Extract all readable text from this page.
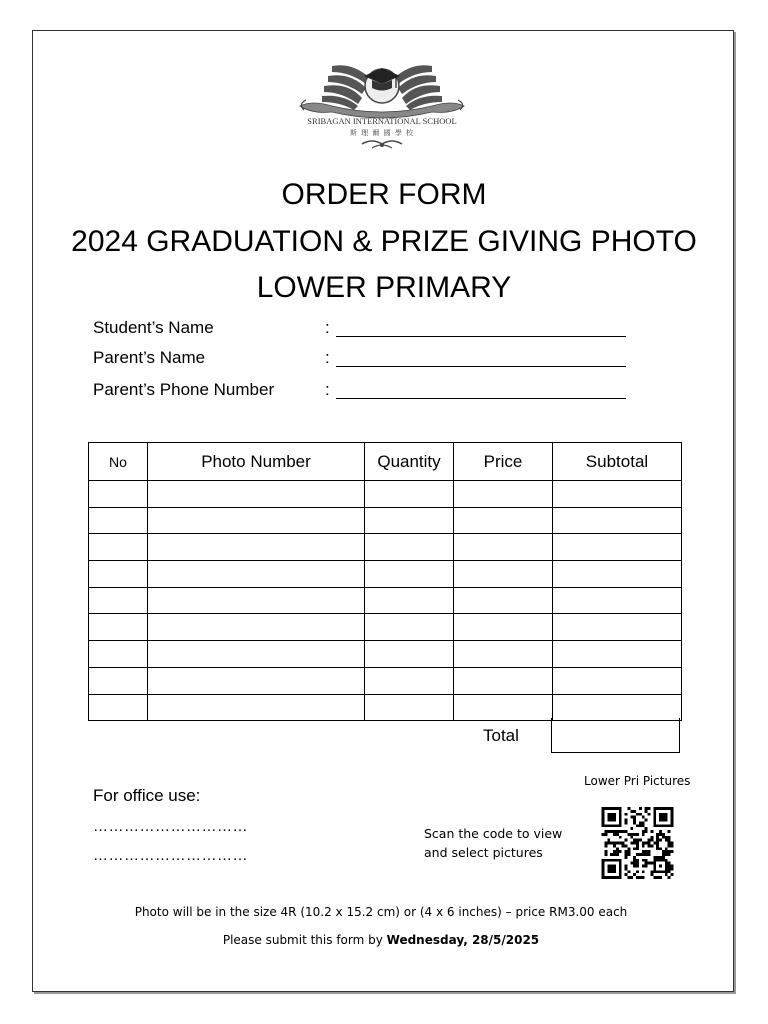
SRIBAGAN INTERNATIONAL SCHOOL
斯 理 爾 國 學 校
ORDER FORM
2024 GRADUATION & PRIZE GIVING PHOTO
LOWER PRIMARY
Student’s Name	:
Parent’s Name	:
Parent’s Phone Number	:
No	Photo Number	Quantity	Price	Subtotal

Total
For office use:
…………………………
…………………………
Scan the code to view
and select pictures
Lower Pri Pictures
Photo will be in the size 4R (10.2 x 15.2 cm) or (4 x 6 inches) – price RM3.00 each
Please submit this form by Wednesday, 28/5/2025
